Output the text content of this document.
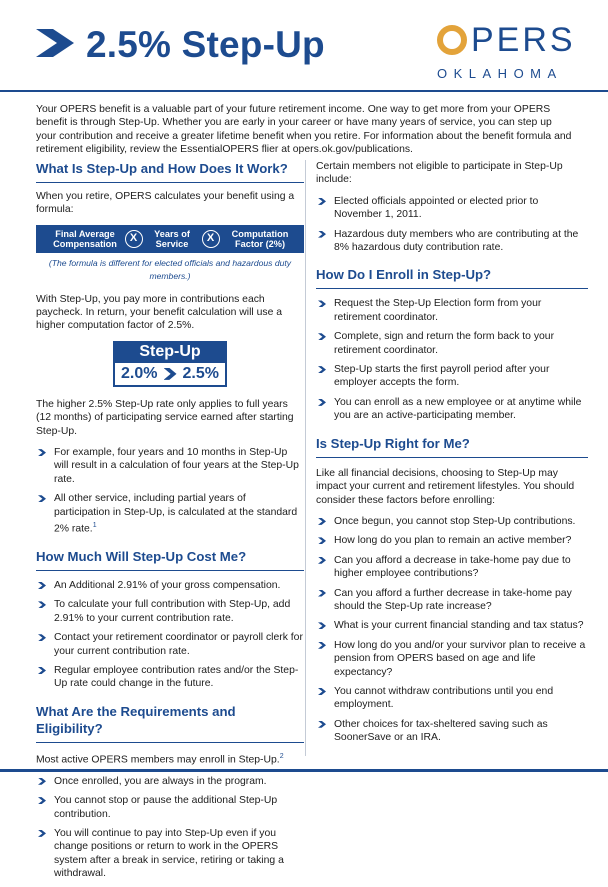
2.5% Step-Up	PERS
OKLAHOMA
Your OPERS benefit is a valuable part of your future retirement income. One way to get more from your OPERS benefit is through Step-Up. Whether you are early in your career or have many years of service, you can step up your contribution and receive a greater lifetime benefit when you retire. For information about the benefit formula and retirement eligibility, review the EssentialOPERS flier at opers.ok.gov/publications.
What Is Step-Up and How Does It Work?

When you retire, OPERS calculates your benefit using a formula:

Final Average Compensation	X	Years of Service	X	Computation Factor (2%)
(The formula is different for elected officials and hazardous duty members.)

With Step-Up, you pay more in contributions each paycheck. In return, your benefit calculation will use a higher computation factor of 2.5%.

Step-Up
2.0% 2.5%

The higher 2.5% Step-Up rate only applies to full years (12 months) of participating service earned after starting Step-Up.

For example, four years and 10 months in Step-Up will result in a calculation of four years at the Step-Up rate.
All other service, including partial years of participation in Step-Up, is calculated at the standard 2% rate.$^1$
How Much Will Step-Up Cost Me?
An Additional 2.91% of your gross compensation.
To calculate your full contribution with Step-Up, add 2.91% to your current contribution rate.
Contact your retirement coordinator or payroll clerk for your current contribution rate.
Regular employee contribution rates and/or the Step-Up rate could change in the future.
What Are the Requirements and Eligibility?

Most active OPERS members may enroll in Step-Up.$^2$

Once enrolled, you are always in the program.
You cannot stop or pause the additional Step-Up contribution.
You will continue to pay into Step-Up even if you change positions or return to work in the OPERS system after a break in service, retiring or taking a withdrawal.

Certain members not eligible to participate in Step-Up include:

Elected officials appointed or elected prior to November 1, 2011.
Hazardous duty members who are contributing at the 8% hazardous duty contribution rate.
How Do I Enroll in Step-Up?
Request the Step-Up Election form from your retirement coordinator.
Complete, sign and return the form back to your retirement coordinator.
Step-Up starts the first payroll period after your employer accepts the form.
You can enroll as a new employee or at anytime while you are an active-participating member.
Is Step-Up Right for Me?

Like all financial decisions, choosing to Step-Up may impact your current and retirement lifestyles. You should consider these factors before enrolling:

Once begun, you cannot stop Step-Up contributions.
How long do you plan to remain an active member?
Can you afford a decrease in take-home pay due to higher employee contributions?
Can you afford a further decrease in take-home pay should the Step-Up rate increase?
What is your current financial standing and tax status?
How long do you and/or your survivor plan to receive a pension from OPERS based on age and life expectancy?
You cannot withdraw contributions until you end employment.
Other choices for tax-sheltered saving such as SoonerSave or an IRA.
